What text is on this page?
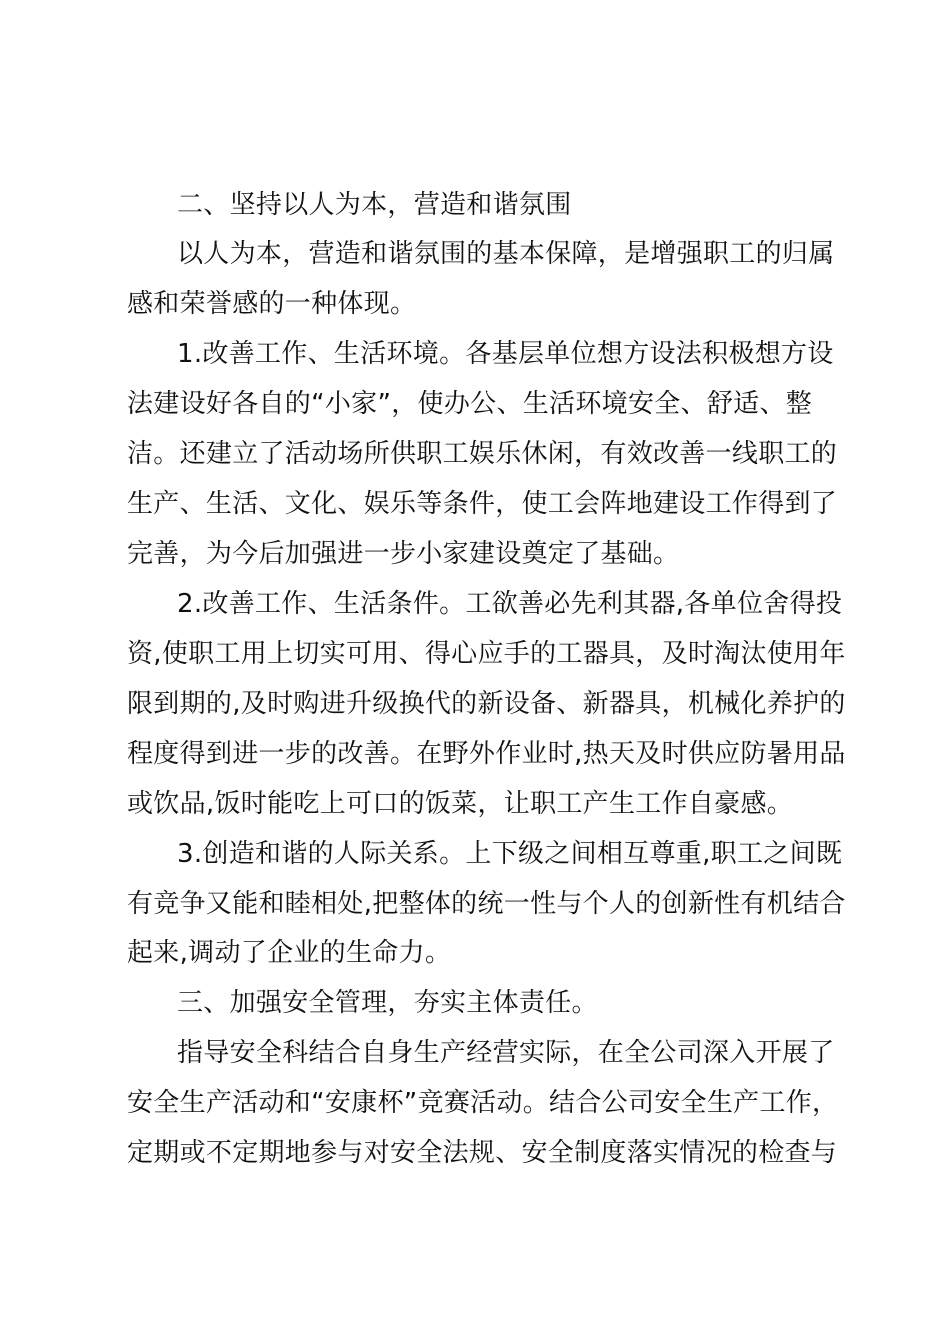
二、坚持以人为本，营造和谐氛围
以人为本，营造和谐氛围的基本保障，是增强职工的归属
感和荣誉感的一种体现。
1.改善工作、生活环境。各基层单位想方设法积极想方设
法建设好各自的“小家”，使办公、生活环境安全、舒适、整
洁。还建立了活动场所供职工娱乐休闲，有效改善一线职工的
生产、生活、文化、娱乐等条件，使工会阵地建设工作得到了
完善，为今后加强进一步小家建设奠定了基础。
2.改善工作、生活条件。工欲善必先利其器,各单位舍得投
资,使职工用上切实可用、得心应手的工器具，及时淘汰使用年
限到期的,及时购进升级换代的新设备、新器具，机械化养护的
程度得到进一步的改善。在野外作业时,热天及时供应防暑用品
或饮品,饭时能吃上可口的饭菜，让职工产生工作自豪感。
3.创造和谐的人际关系。上下级之间相互尊重,职工之间既
有竞争又能和睦相处,把整体的统一性与个人的创新性有机结合
起来,调动了企业的生命力。
三、加强安全管理，夯实主体责任。
指导安全科结合自身生产经营实际，在全公司深入开展了
安全生产活动和“安康杯”竞赛活动。结合公司安全生产工作，
定期或不定期地参与对安全法规、安全制度落实情况的检查与
